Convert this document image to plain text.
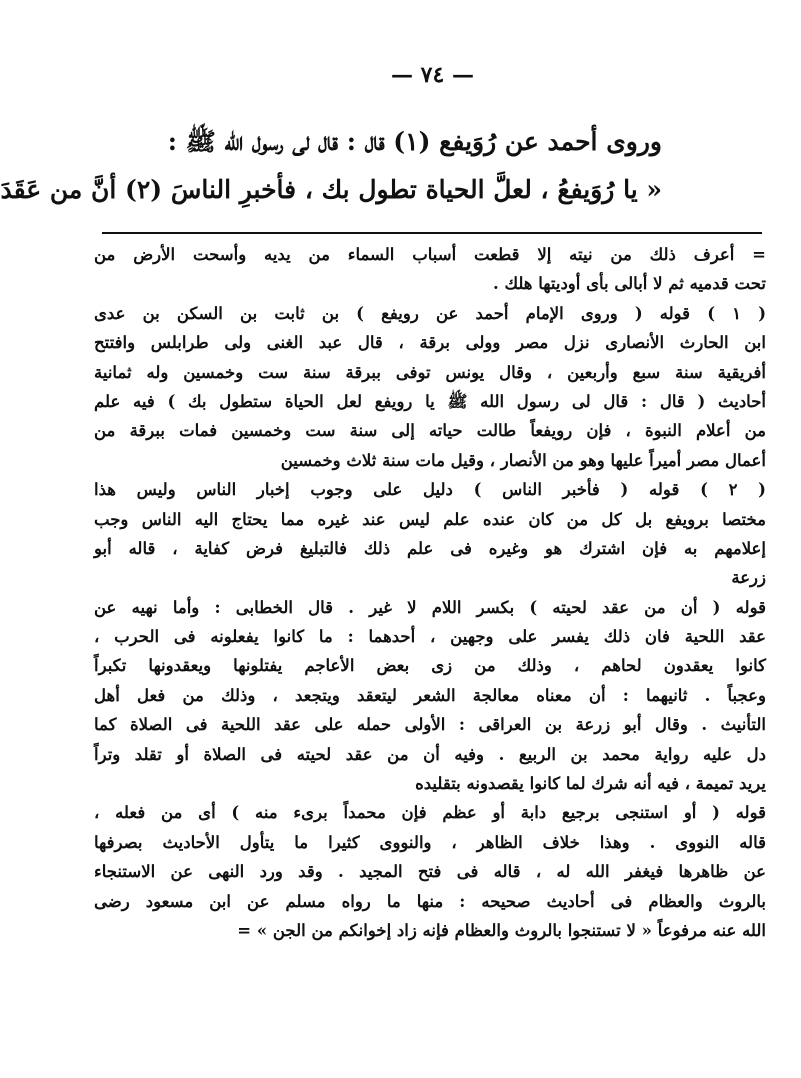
— ٧٤ —

وروى أحمد عن رُوَيفع (١) قال : قال لى رسول الله ﷺ :

« يا رُوَيفعُ ، لعلَّ الحياة تطول بك ، فأخبرِ الناسَ (٢) أنَّ من عَقَدَ

= أعرف ذلك من نيته إلا قطعت أسباب السماء من يديه وأسحت الأرض من
تحت قدميه ثم لا أبالى بأى أوديتها هلك .
( ١ ) قوله ( وروى الإمام أحمد عن رويفع ) بن ثابت بن السكن بن عدى
ابن الحارث الأنصارى نزل مصر وولى برقة ، قال عبد الغنى ولى طرابلس وافتتح
أفريقية سنة سبع وأربعين ، وقال يونس توفى ببرقة سنة ست وخمسين وله ثمانية
أحاديث ( قال : قال لى رسول الله ﷺ يا رويفع لعل الحياة ستطول بك ) فيه علم
من أعلام النبوة ، فإن رويفعاً طالت حياته إلى سنة ست وخمسين فمات ببرقة من
أعمال مصر أميراً عليها وهو من الأنصار ، وقيل مات سنة ثلاث وخمسين
( ٢ ) قوله ( فأخبر الناس ) دليل على وجوب إخبار الناس وليس هذا
مختصا برويفع بل كل من كان عنده علم ليس عند غيره مما يحتاج اليه الناس وجب
إعلامهم به فإن اشترك هو وغيره فى علم ذلك فالتبليغ فرض كفاية ، قاله أبو
زرعة
قوله ( أن من عقد لحيته ) بكسر اللام لا غير . قال الخطابى : وأما نهيه عن
عقد اللحية فان ذلك يفسر على وجهين ، أحدهما : ما كانوا يفعلونه فى الحرب ،
كانوا يعقدون لحاهم ، وذلك من زى بعض الأعاجم يفتلونها ويعقدونها تكبراً
وعجباً . ثانيهما : أن معناه معالجة الشعر ليتعقد ويتجعد ، وذلك من فعل أهل
التأنيث . وقال أبو زرعة بن العراقى : الأولى حمله على عقد اللحية فى الصلاة كما
دل عليه رواية محمد بن الربيع . وفيه أن من عقد لحيته فى الصلاة أو تقلد وتراً
يريد تميمة ، فيه أنه شرك لما كانوا يقصدونه بتقليده
قوله ( أو استنجى برجيع دابة أو عظم فإن محمداً برىء منه ) أى من فعله ،
قاله النووى . وهذا خلاف الظاهر ، والنووى كثيرا ما يتأول الأحاديث بصرفها
عن ظاهرها فيغفر الله له ، قاله فى فتح المجيد . وقد ورد النهى عن الاستنجاء
بالروث والعظام فى أحاديث صحيحه : منها ما رواه مسلم عن ابن مسعود رضى
الله عنه مرفوعاً « لا تستنجوا بالروث والعظام فإنه زاد إخوانكم من الجن » =
